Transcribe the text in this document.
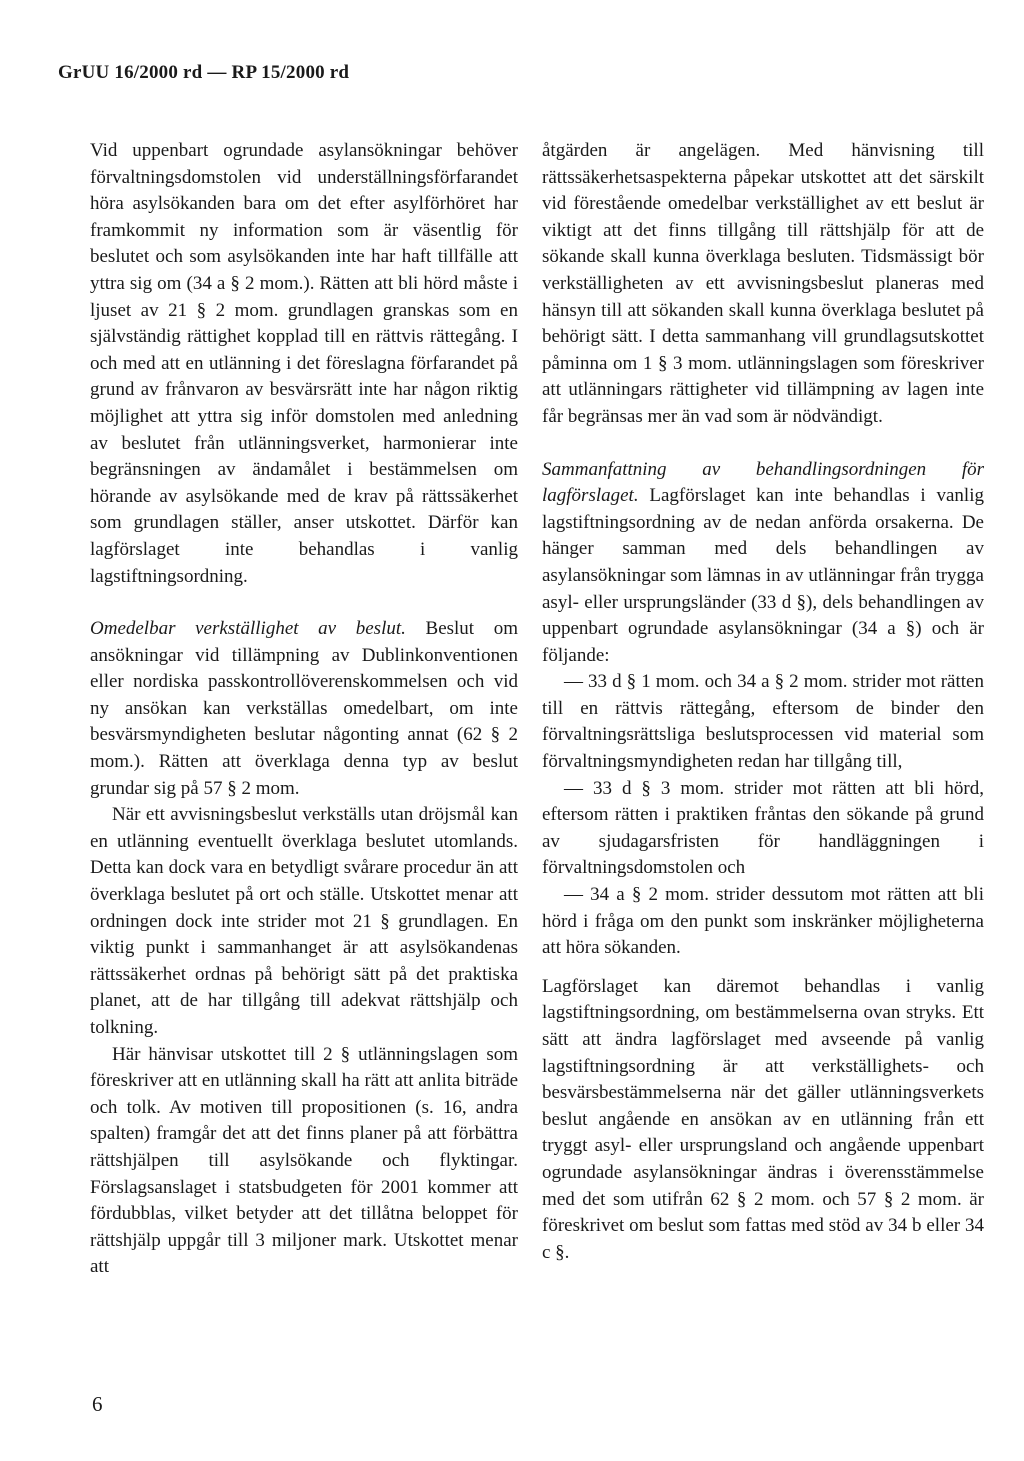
GrUU 16/2000 rd — RP 15/2000 rd

Vid uppenbart ogrundade asylansökningar behöver förvaltningsdomstolen vid underställningsförfarandet höra asylsökanden bara om det efter asylförhöret har framkommit ny information som är väsentlig för beslutet och som asylsökanden inte har haft tillfälle att yttra sig om (34 a § 2 mom.). Rätten att bli hörd måste i ljuset av 21 § 2 mom. grundlagen granskas som en självständig rättighet kopplad till en rättvis rättegång. I och med att en utlänning i det föreslagna förfarandet på grund av frånvaron av besvärsrätt inte har någon riktig möjlighet att yttra sig inför domstolen med anledning av beslutet från utlänningsverket, harmonierar inte begränsningen av ändamålet i bestämmelsen om hörande av asylsökande med de krav på rättssäkerhet som grundlagen ställer, anser utskottet. Därför kan lagförslaget inte behandlas i vanlig lagstiftningsordning.

Omedelbar verkställighet av beslut. Beslut om ansökningar vid tillämpning av Dublinkonventionen eller nordiska passkontrollöverenskommelsen och vid ny ansökan kan verkställas omedelbart, om inte besvärsmyndigheten beslutar någonting annat (62 § 2 mom.). Rätten att överklaga denna typ av beslut grundar sig på 57 § 2 mom.

När ett avvisningsbeslut verkställs utan dröjsmål kan en utlänning eventuellt överklaga beslutet utomlands. Detta kan dock vara en betydligt svårare procedur än att överklaga beslutet på ort och ställe. Utskottet menar att ordningen dock inte strider mot 21 § grundlagen. En viktig punkt i sammanhanget är att asylsökandenas rättssäkerhet ordnas på behörigt sätt på det praktiska planet, att de har tillgång till adekvat rättshjälp och tolkning.

Här hänvisar utskottet till 2 § utlänningslagen som föreskriver att en utlänning skall ha rätt att anlita biträde och tolk. Av motiven till propositionen (s. 16, andra spalten) framgår det att det finns planer på att förbättra rättshjälpen till asylsökande och flyktingar. Förslagsanslaget i statsbudgeten för 2001 kommer att fördubblas, vilket betyder att det tillåtna beloppet för rättshjälp uppgår till 3 miljoner mark. Utskottet menar att

åtgärden är angelägen. Med hänvisning till rättssäkerhetsaspekterna påpekar utskottet att det särskilt vid förestående omedelbar verkställighet av ett beslut är viktigt att det finns tillgång till rättshjälp för att de sökande skall kunna överklaga besluten. Tidsmässigt bör verkställigheten av ett avvisningsbeslut planeras med hänsyn till att sökanden skall kunna överklaga beslutet på behörigt sätt. I detta sammanhang vill grundlagsutskottet påminna om 1 § 3 mom. utlänningslagen som föreskriver att utlänningars rättigheter vid tillämpning av lagen inte får begränsas mer än vad som är nödvändigt.

Sammanfattning av behandlingsordningen för lagförslaget. Lagförslaget kan inte behandlas i vanlig lagstiftningsordning av de nedan anförda orsakerna. De hänger samman med dels behandlingen av asylansökningar som lämnas in av utlänningar från trygga asyl- eller ursprungsländer (33 d §), dels behandlingen av uppenbart ogrundade asylansökningar (34 a §) och är följande:

— 33 d § 1 mom. och 34 a § 2 mom. strider mot rätten till en rättvis rättegång, eftersom de binder den förvaltningsrättsliga beslutsprocessen vid material som förvaltningsmyndigheten redan har tillgång till,

— 33 d § 3 mom. strider mot rätten att bli hörd, eftersom rätten i praktiken fråntas den sökande på grund av sjudagarsfristen för handläggningen i förvaltningsdomstolen och

— 34 a § 2 mom. strider dessutom mot rätten att bli hörd i fråga om den punkt som inskränker möjligheterna att höra sökanden.

Lagförslaget kan däremot behandlas i vanlig lagstiftningsordning, om bestämmelserna ovan stryks. Ett sätt att ändra lagförslaget med avseende på vanlig lagstiftningsordning är att verkställighets- och besvärsbestämmelserna när det gäller utlänningsverkets beslut angående en ansökan av en utlänning från ett tryggt asyl- eller ursprungsland och angående uppenbart ogrundade asylansökningar ändras i överensstämmelse med det som utifrån 62 § 2 mom. och 57 § 2 mom. är föreskrivet om beslut som fattas med stöd av 34 b eller 34 c §.

6
